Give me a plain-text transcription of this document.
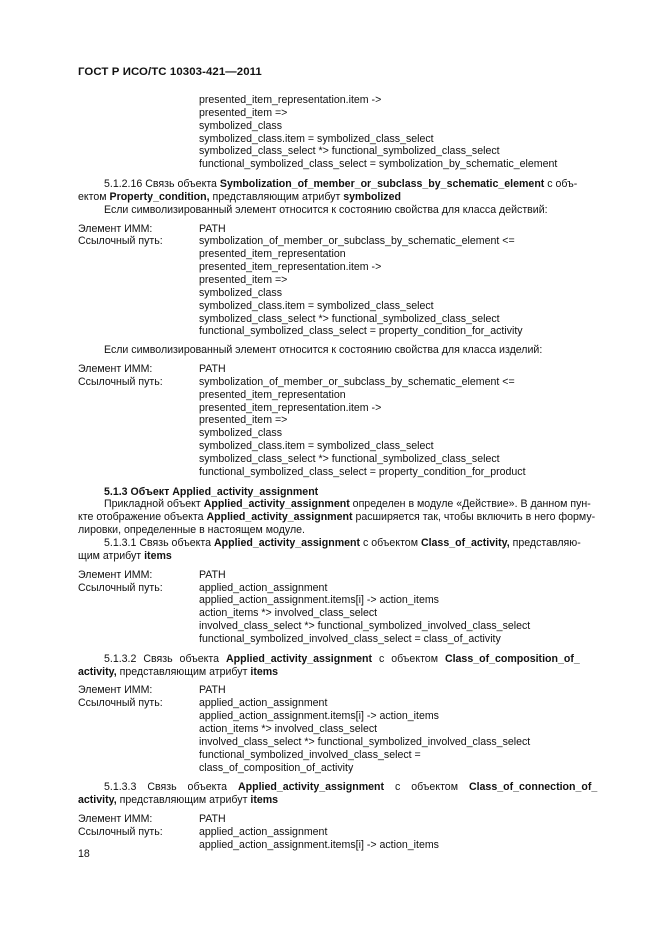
ГОСТ Р ИСО/ТС 10303-421—2011
presented_item_representation.item ->
presented_item =>
symbolized_class
symbolized_class.item = symbolized_class_select
symbolized_class_select *> functional_symbolized_class_select
functional_symbolized_class_select = symbolization_by_schematic_element
5.1.2.16 Связь объекта Symbolization_of_member_or_subclass_by_schematic_element с объ-
ектом Property_condition, представляющим атрибут symbolized
Если символизированный элемент относится к состоянию свойства для класса действий:
Элемент ИММ:	PATH
Ссылочный путь:	symbolization_of_member_or_subclass_by_schematic_element <=
presented_item_representation
presented_item_representation.item ->
presented_item =>
symbolized_class
symbolized_class.item = symbolized_class_select
symbolized_class_select *> functional_symbolized_class_select
functional_symbolized_class_select = property_condition_for_activity
Если символизированный элемент относится к состоянию свойства для класса изделий:
Элемент ИММ:	PATH
Ссылочный путь:	symbolization_of_member_or_subclass_by_schematic_element <=
presented_item_representation
presented_item_representation.item ->
presented_item =>
symbolized_class
symbolized_class.item = symbolized_class_select
symbolized_class_select *> functional_symbolized_class_select
functional_symbolized_class_select = property_condition_for_product
5.1.3 Объект Applied_activity_assignment
Прикладной объект Applied_activity_assignment определен в модуле «Действие». В данном пун-
кте отображение объекта Applied_activity_assignment расширяется так, чтобы включить в него форму-
лировки, определенные в настоящем модуле.
5.1.3.1 Связь объекта Applied_activity_assignment с объектом Class_of_activity, представляю-
щим атрибут items
Элемент ИММ:	PATH
Ссылочный путь:	applied_action_assignment
applied_action_assignment.items[i] -> action_items
action_items *> involved_class_select
involved_class_select *> functional_symbolized_involved_class_select
functional_symbolized_involved_class_select = class_of_activity
5.1.3.2 Связь объекта Applied_activity_assignment с объектом Class_of_composition_of_
activity, представляющим атрибут items
Элемент ИММ:	PATH
Ссылочный путь:	applied_action_assignment
applied_action_assignment.items[i] -> action_items
action_items *> involved_class_select
involved_class_select *> functional_symbolized_involved_class_select
functional_symbolized_involved_class_select =
class_of_composition_of_activity
5.1.3.3 Связь объекта Applied_activity_assignment с объектом Class_of_connection_of_
activity, представляющим атрибут items
Элемент ИММ:	PATH
Ссылочный путь:	applied_action_assignment
applied_action_assignment.items[i] -> action_items
18
